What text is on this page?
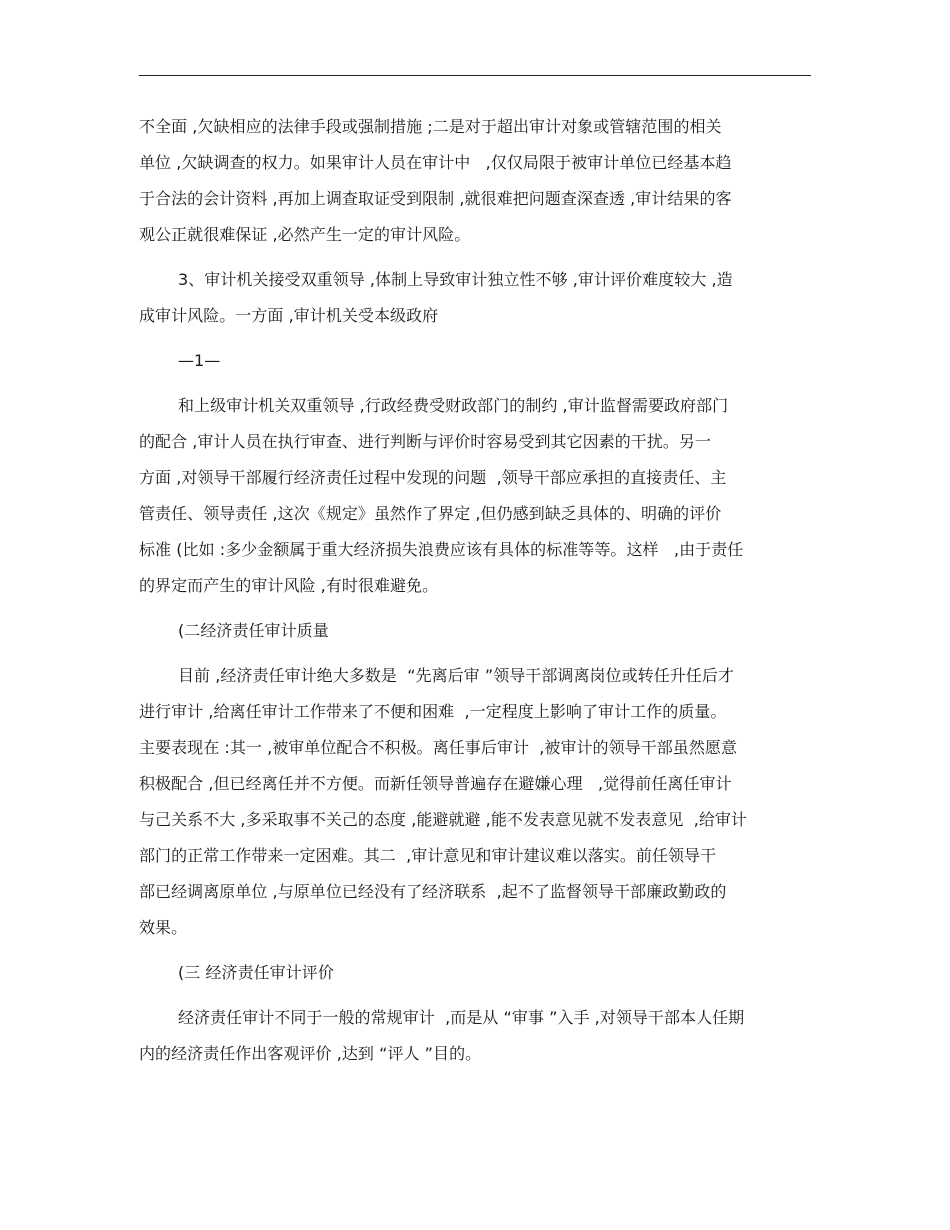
不全面 ,欠缺相应的法律手段或强制措施 ;二是对于超出审计对象或管辖范围的相关
单位 ,欠缺调查的权力。如果审计人员在审计中   ,仅仅局限于被审计单位已经基本趋
于合法的会计资料 ,再加上调查取证受到限制 ,就很难把问题查深查透 ,审计结果的客
观公正就很难保证 ,必然产生一定的审计风险。
3、审计机关接受双重领导 ,体制上导致审计独立性不够 ,审计评价难度较大 ,造
成审计风险。一方面 ,审计机关受本级政府
—1—
和上级审计机关双重领导 ,行政经费受财政部门的制约 ,审计监督需要政府部门
的配合 ,审计人员在执行审查、进行判断与评价时容易受到其它因素的干扰。另一
方面 ,对领导干部履行经济责任过程中发现的问题  ,领导干部应承担的直接责任、主
管责任、领导责任 ,这次《规定》虽然作了界定 ,但仍感到缺乏具体的、明确的评价
标准 (比如 :多少金额属于重大经济损失浪费应该有具体的标准等等。这样   ,由于责任
的界定而产生的审计风险 ,有时很难避免。
(二经济责任审计质量
目前 ,经济责任审计绝大多数是  “先离后审 ”领导干部调离岗位或转任升任后才
进行审计 ,给离任审计工作带来了不便和困难  ,一定程度上影响了审计工作的质量。
主要表现在 :其一 ,被审单位配合不积极。离任事后审计  ,被审计的领导干部虽然愿意
积极配合 ,但已经离任并不方便。而新任领导普遍存在避嫌心理   ,觉得前任离任审计
与己关系不大 ,多采取事不关己的态度 ,能避就避 ,能不发表意见就不发表意见  ,给审计
部门的正常工作带来一定困难。其二  ,审计意见和审计建议难以落实。前任领导干
部已经调离原单位 ,与原单位已经没有了经济联系  ,起不了监督领导干部廉政勤政的
效果。
(三 经济责任审计评价
经济责任审计不同于一般的常规审计  ,而是从 “审事 ”入手 ,对领导干部本人任期
内的经济责任作出客观评价 ,达到 “评人 ”目的。
